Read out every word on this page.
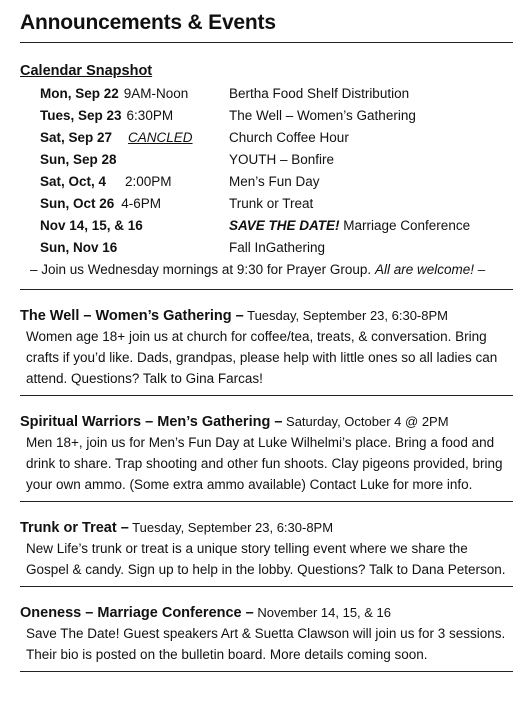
Announcements & Events
Calendar Snapshot
Mon, Sep 22 9AM-Noon	Bertha Food Shelf Distribution
Tues, Sep 23 6:30PM	The Well – Women’s Gathering
Sat, Sep 27 CANCLED	Church Coffee Hour
Sun, Sep 28	YOUTH – Bonfire
Sat, Oct, 4 2:00PM	Men’s Fun Day
Sun, Oct 26 4-6PM	Trunk or Treat
Nov 14, 15, & 16	SAVE THE DATE! Marriage Conference
Sun, Nov 16	Fall InGathering
– Join us Wednesday mornings at 9:30 for Prayer Group. All are welcome! –
The Well – Women’s Gathering – Tuesday, September 23, 6:30-8PM
Women age 18+ join us at church for coffee/tea, treats, & conversation. Bring crafts if you’d like. Dads, grandpas, please help with little ones so all ladies can attend. Questions? Talk to Gina Farcas!
Spiritual Warriors – Men’s Gathering – Saturday, October 4 @ 2PM
Men 18+, join us for Men’s Fun Day at Luke Wilhelmi’s place. Bring a food and drink to share. Trap shooting and other fun shoots. Clay pigeons provided, bring your own ammo. (Some extra ammo available) Contact Luke for more info.
Trunk or Treat – Tuesday, September 23, 6:30-8PM
New Life’s trunk or treat is a unique story telling event where we share the Gospel & candy. Sign up to help in the lobby. Questions? Talk to Dana Peterson.
Oneness – Marriage Conference – November 14, 15, & 16
Save The Date! Guest speakers Art & Suetta Clawson will join us for 3 sessions. Their bio is posted on the bulletin board. More details coming soon.
